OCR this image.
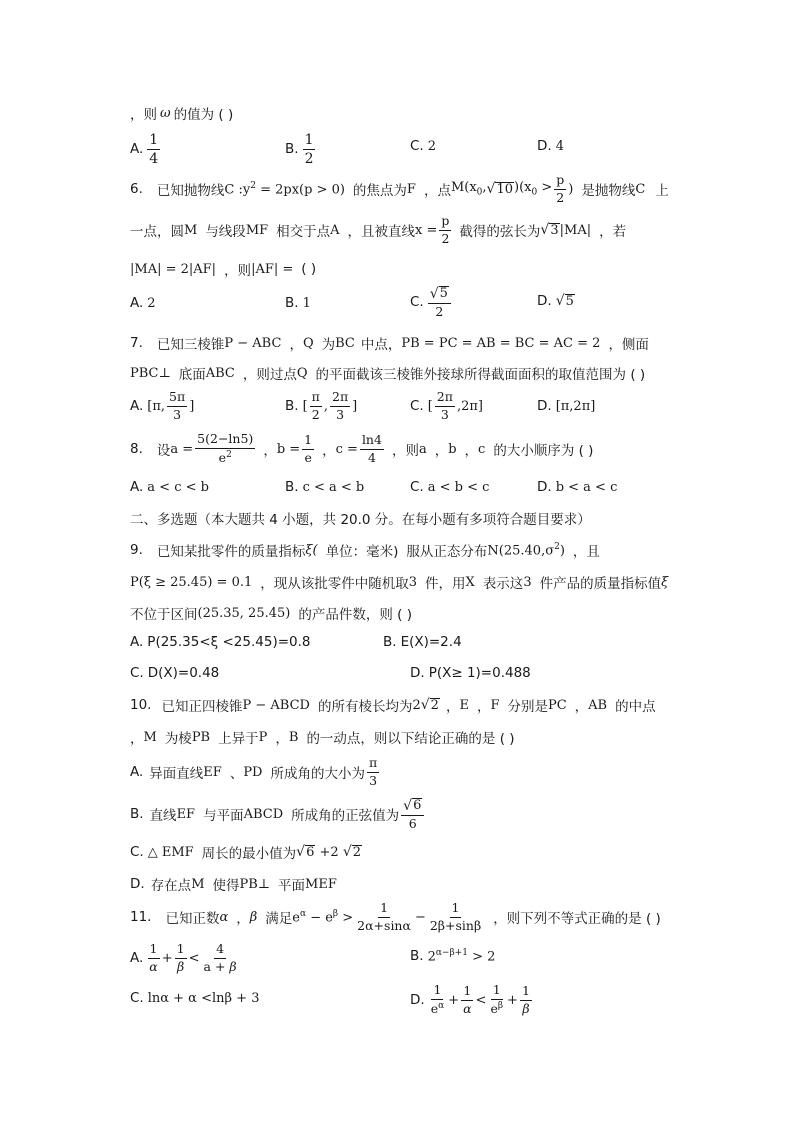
，则 ω 的值为 ( )
A. $\frac{1}{4}$	B. $\frac{1}{2}$	C. 2	D. 4
6. 已知抛物线 C $:y^2 = 2px(p > 0)$ 的焦点为 F ，点 $M(x_0$, √ 10 )($x_0 > \frac{p}{2}$ ) 是抛物线 C 上
一点，圆 M 与线段 MF 相交于点 A ，且被直线 $x = \frac{p}{2}$ 截得的弦长为 √ 3 |MA| ，若
|MA| = 2|AF| ，则 |AF| = ( )
A. 2	B. 1	C. $\frac{√ 5}{2}$	D. √ 5
7. 已知三棱锥 P − ABC ， Q 为 BC 中点， PB = PC = AB = BC = AC = 2 ，侧面
PBC⊥ 底面 ABC ，则过点 Q 的平面截该三棱锥外接球所得截面面积的取值范围为 ( )
A. [π, $\frac{5\pi}{3}$ ]	B. [ $\frac{\pi}{2}$ , $\frac{2\pi}{3}$ ]	C. [ $\frac{2\pi}{3} ,2\pi$]	D. [π,2π]
8. 设 $a = \frac{5(2-\ln 5)}{e^2}$ ， $b = \frac{1}{e}$ ， $c = \frac{\ln 4}{4}$ ，则 a ， b ， c 的大小顺序为 ( )
A. a < c < b	B. c < a < b	C. a < b < c	D. b < a < c
二、多选题（本大题共 4 小题，共 20.0 分。在每小题有多项符合题目要求）
9. 已知某批零件的质量指标 ξ( 单位：毫米) 服从正态分布 $N(25.40,\sigma^2)$ ，且
P(ξ ≥ 25.45) = 0.1 ，现从该批零件中随机取 3 件，用 X 表示这 3 件产品的质量指标值 ξ
不位于区间 (25.35, 25.45) 的产品件数，则 ( )
A. P(25.35<ξ <25.45)=0.8	B. E(X)=2.4
C. D(X)=0.48	D. P(X≥ 1)=0.488
10. 已知正四棱锥 P − ABCD 的所有棱长均为 2 √ 2 ， E ， F 分别是 PC ， AB 的中点
， M 为棱 PB 上异于 P ， B 的一动点，则以下结论正确的是 ( )
A. 异面直线 EF 、 PD 所成角的大小为 $\frac{\pi}{3}$
B. 直线 EF 与平面 ABCD 所成角的正弦值为 $\frac{√ 6}{6}$
C. △ EMF 周长的最小值为 √ 6 +2 √ 2
D. 存在点 M 使得 PB⊥ 平面 MEF
11. 已知正数 α ， β 满足 $e^\alpha - e^\beta > \frac{1}{2\alpha+\sin\alpha} - \frac{1}{2\beta+\sin\beta}$ ，则下列不等式正确的是 ( )
A. $\frac{1}{\alpha} + \frac{1}{\beta} < \frac{4}{a + \beta}$	B. $2^{\alpha-\beta+1} > 2$
C. lnα + α <lnβ + 3	D. $\frac{1}{e^\alpha} + \frac{1}{\alpha} < \frac{1}{e^\beta} + \frac{1}{\beta}$
